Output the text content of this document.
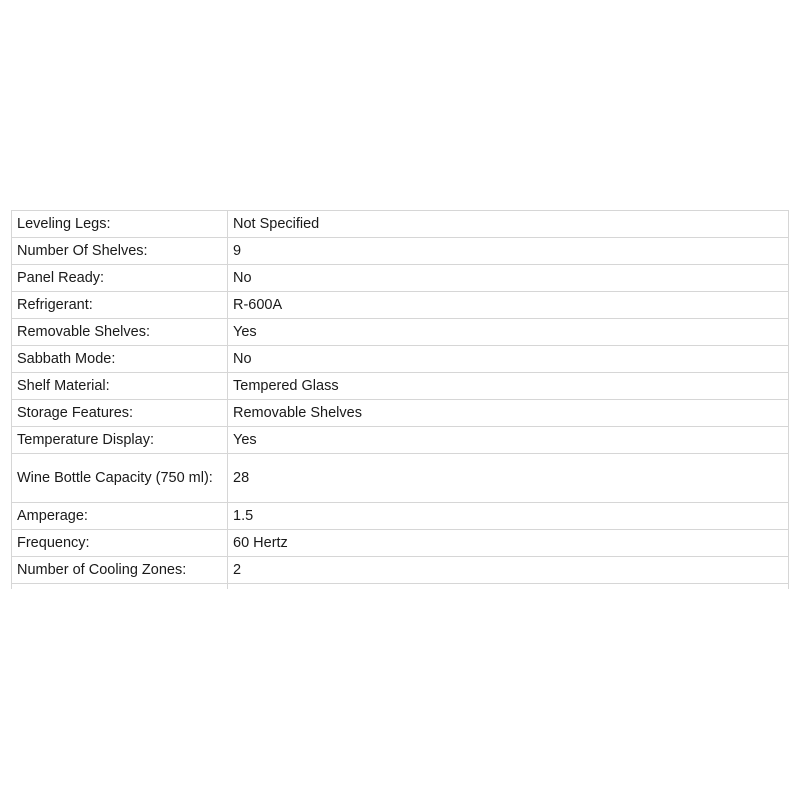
Leveling Legs:	Not Specified
Number Of Shelves:	9
Panel Ready:	No
Refrigerant:	R-600A
Removable Shelves:	Yes
Sabbath Mode:	No
Shelf Material:	Tempered Glass
Storage Features:	Removable Shelves
Temperature Display:	Yes
Wine Bottle Capacity (750 ml):	28
Amperage:	1.5
Frequency:	60 Hertz
Number of Cooling Zones:	2
